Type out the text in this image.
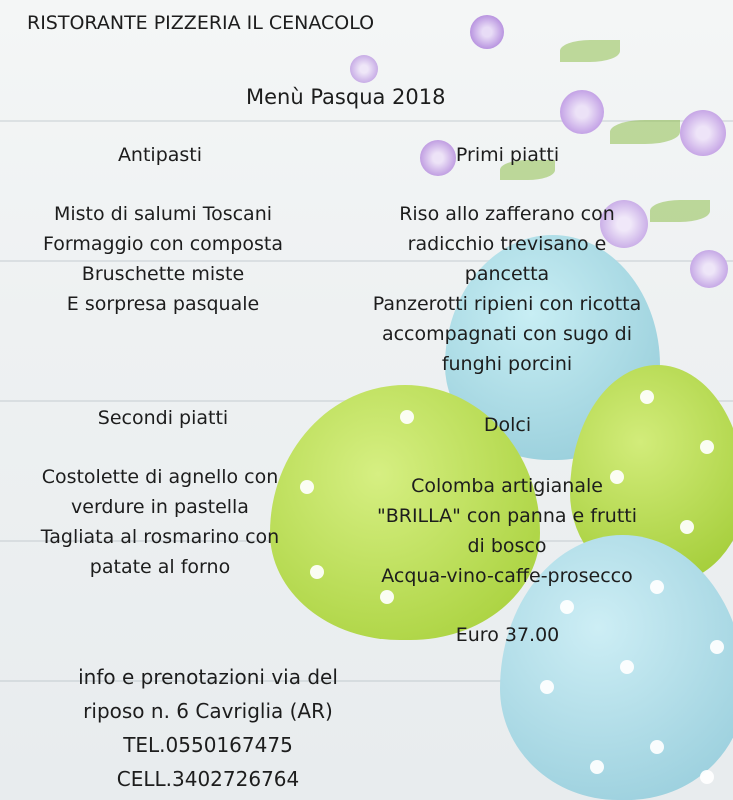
RISTORANTE PIZZERIA IL CENACOLO
Menù Pasqua 2018
Antipasti
Misto di salumi Toscani
Formaggio con composta
Bruschette miste
E sorpresa pasquale
Primi piatti
Riso allo zafferano con
radicchio trevisano e
pancetta
Panzerotti ripieni con ricotta
accompagnati con sugo di
funghi porcini
Secondi piatti
Costolette di agnello con
verdure in pastella
Tagliata al rosmarino con
patate al forno
Dolci
Colomba artigianale
"BRILLA" con panna e frutti
di bosco
Acqua-vino-caffe-prosecco
Euro 37.00
info e prenotazioni via del
riposo n. 6 Cavriglia (AR)
TEL.0550167475
CELL.3402726764
